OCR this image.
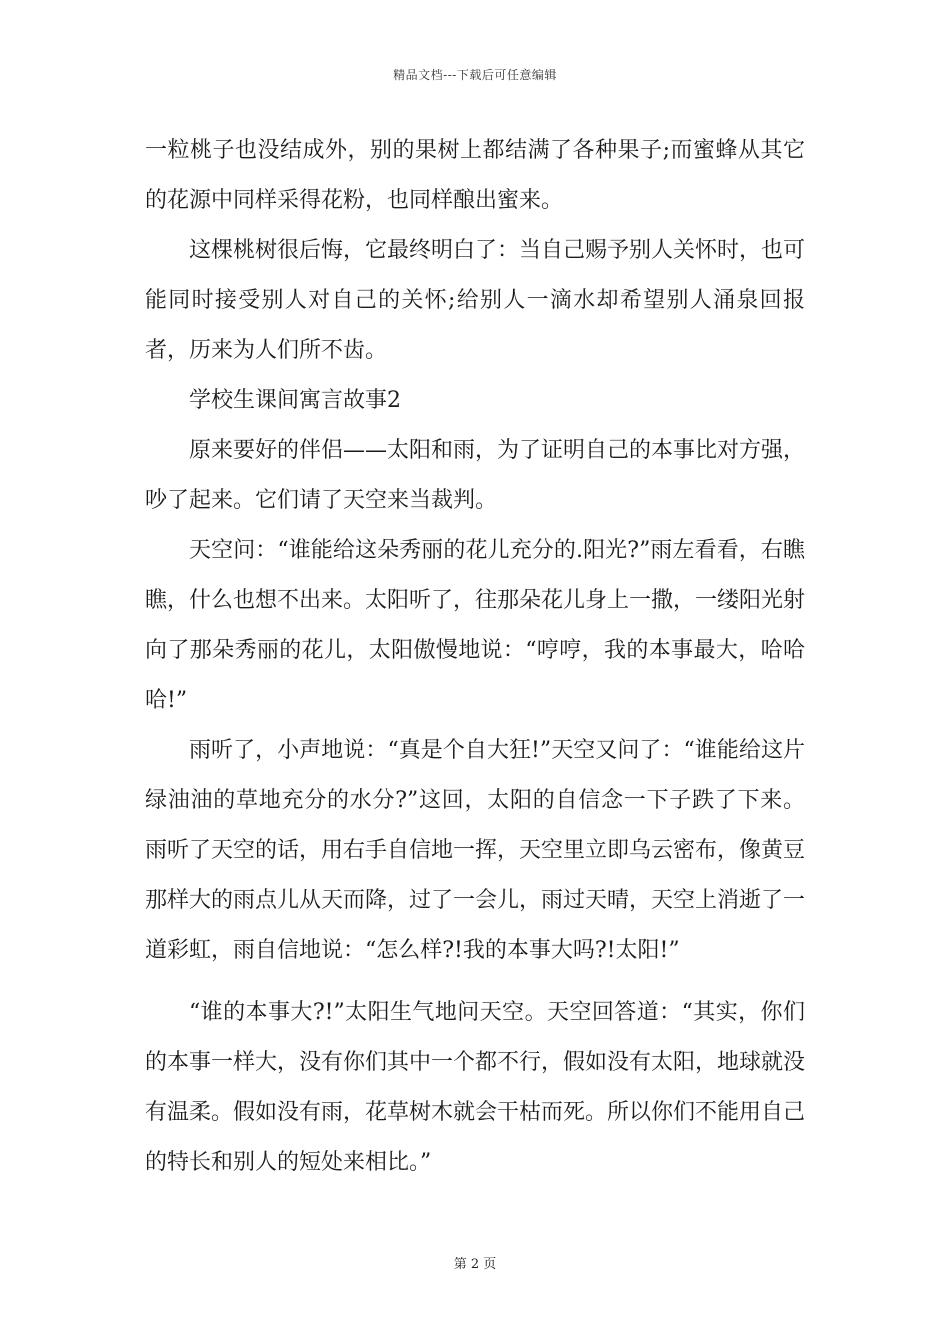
精品文档---下载后可任意编辑

一粒桃子也没结成外，别的果树上都结满了各种果子;而蜜蜂从其它的花源中同样采得花粉，也同样酿出蜜来。

这棵桃树很后悔，它最终明白了：当自己赐予别人关怀时，也可能同时接受别人对自己的关怀;给别人一滴水却希望别人涌泉回报者，历来为人们所不齿。

学校生课间寓言故事2

原来要好的伴侣——太阳和雨，为了证明自己的本事比对方强，吵了起来。它们请了天空来当裁判。

天空问：“谁能给这朵秀丽的花儿充分的.阳光?”雨左看看，右瞧瞧，什么也想不出来。太阳听了，往那朵花儿身上一撒，一缕阳光射向了那朵秀丽的花儿，太阳傲慢地说：“哼哼，我的本事最大，哈哈哈!”

雨听了，小声地说：“真是个自大狂!”天空又问了：“谁能给这片绿油油的草地充分的水分?”这回，太阳的自信念一下子跌了下来。雨听了天空的话，用右手自信地一挥，天空里立即乌云密布，像黄豆那样大的雨点儿从天而降，过了一会儿，雨过天晴，天空上消逝了一道彩虹，雨自信地说：“怎么样?!我的本事大吗?!太阳!”

“谁的本事大?!”太阳生气地问天空。天空回答道：“其实，你们的本事一样大，没有你们其中一个都不行，假如没有太阳，地球就没有温柔。假如没有雨，花草树木就会干枯而死。所以你们不能用自己的特长和别人的短处来相比。”

第 2 页
